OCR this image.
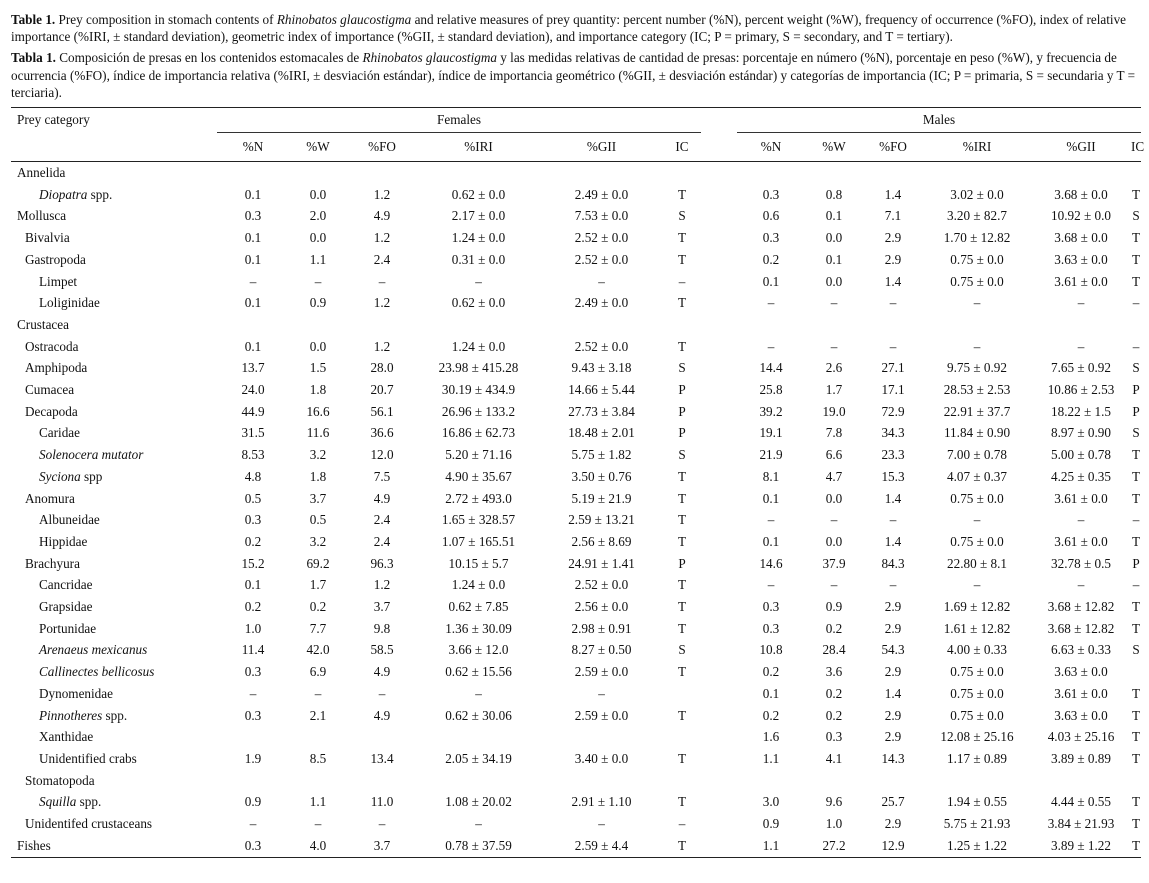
Table 1. Prey composition in stomach contents of Rhinobatos glaucostigma and relative measures of prey quantity: percent number (%N), percent weight (%W), frequency of occurrence (%FO), index of relative importance (%IRI, ± standard deviation), geometric index of importance (%GII, ± standard deviation), and importance category (IC; P = primary, S = secondary, and T = tertiary).

Tabla 1. Composición de presas en los contenidos estomacales de Rhinobatos glaucostigma y las medidas relativas de cantidad de presas: porcentaje en número (%N), porcentaje en peso (%W), y frecuencia de ocurrencia (%FO), índice de importancia relativa (%IRI, ± desviación estándar), índice de importancia geométrico (%GII, ± desviación estándar) y categorías de importancia (IC; P = primaria, S = secundaria y T = terciaria).

Prey category	Females							Males					
	%N	%W	%FO	%IRI	%GII	IC		%N	%W	%FO	%IRI	%GII	IC
Annelida													
Diopatra spp.	0.1	0.0	1.2	0.62 ± 0.0	2.49 ± 0.0	T		0.3	0.8	1.4	3.02 ± 0.0	3.68 ± 0.0	T
Mollusca	0.3	2.0	4.9	2.17 ± 0.0	7.53 ± 0.0	S		0.6	0.1	7.1	3.20 ± 82.7	10.92 ± 0.0	S
Bivalvia	0.1	0.0	1.2	1.24 ± 0.0	2.52 ± 0.0	T		0.3	0.0	2.9	1.70 ± 12.82	3.68 ± 0.0	T
Gastropoda	0.1	1.1	2.4	0.31 ± 0.0	2.52 ± 0.0	T		0.2	0.1	2.9	0.75 ± 0.0	3.63 ± 0.0	T
Limpet	–	–	–	–	–	–		0.1	0.0	1.4	0.75 ± 0.0	3.61 ± 0.0	T
Loliginidae	0.1	0.9	1.2	0.62 ± 0.0	2.49 ± 0.0	T		–	–	–	–	–	–
Crustacea													
Ostracoda	0.1	0.0	1.2	1.24 ± 0.0	2.52 ± 0.0	T		–	–	–	–	–	–
Amphipoda	13.7	1.5	28.0	23.98 ± 415.28	9.43 ± 3.18	S		14.4	2.6	27.1	9.75 ± 0.92	7.65 ± 0.92	S
Cumacea	24.0	1.8	20.7	30.19 ± 434.9	14.66 ± 5.44	P		25.8	1.7	17.1	28.53 ± 2.53	10.86 ± 2.53	P
Decapoda	44.9	16.6	56.1	26.96 ± 133.2	27.73 ± 3.84	P		39.2	19.0	72.9	22.91 ± 37.7	18.22 ± 1.5	P
Caridae	31.5	11.6	36.6	16.86 ± 62.73	18.48 ± 2.01	P		19.1	7.8	34.3	11.84 ± 0.90	8.97 ± 0.90	S
Solenocera mutator	8.53	3.2	12.0	5.20 ± 71.16	5.75 ± 1.82	S		21.9	6.6	23.3	7.00 ± 0.78	5.00 ± 0.78	T
Syciona spp	4.8	1.8	7.5	4.90 ± 35.67	3.50 ± 0.76	T		8.1	4.7	15.3	4.07 ± 0.37	4.25 ± 0.35	T
Anomura	0.5	3.7	4.9	2.72 ± 493.0	5.19 ± 21.9	T		0.1	0.0	1.4	0.75 ± 0.0	3.61 ± 0.0	T
Albuneidae	0.3	0.5	2.4	1.65 ± 328.57	2.59 ± 13.21	T		–	–	–	–	–	–
Hippidae	0.2	3.2	2.4	1.07 ± 165.51	2.56 ± 8.69	T		0.1	0.0	1.4	0.75 ± 0.0	3.61 ± 0.0	T
Brachyura	15.2	69.2	96.3	10.15 ± 5.7	24.91 ± 1.41	P		14.6	37.9	84.3	22.80 ± 8.1	32.78 ± 0.5	P
Cancridae	0.1	1.7	1.2	1.24 ± 0.0	2.52 ± 0.0	T		–	–	–	–	–	–
Grapsidae	0.2	0.2	3.7	0.62 ± 7.85	2.56 ± 0.0	T		0.3	0.9	2.9	1.69 ± 12.82	3.68 ± 12.82	T
Portunidae	1.0	7.7	9.8	1.36 ± 30.09	2.98 ± 0.91	T		0.3	0.2	2.9	1.61 ± 12.82	3.68 ± 12.82	T
Arenaeus mexicanus	11.4	42.0	58.5	3.66 ± 12.0	8.27 ± 0.50	S		10.8	28.4	54.3	4.00 ± 0.33	6.63 ± 0.33	S
Callinectes bellicosus	0.3	6.9	4.9	0.62 ± 15.56	2.59 ± 0.0	T		0.2	3.6	2.9	0.75 ± 0.0	3.63 ± 0.0	
Dynomenidae	–	–	–	–	–			0.1	0.2	1.4	0.75 ± 0.0	3.61 ± 0.0	T
Pinnotheres spp.	0.3	2.1	4.9	0.62 ± 30.06	2.59 ± 0.0	T		0.2	0.2	2.9	0.75 ± 0.0	3.63 ± 0.0	T
Xanthidae								1.6	0.3	2.9	12.08 ± 25.16	4.03 ± 25.16	T
Unidentified crabs	1.9	8.5	13.4	2.05 ± 34.19	3.40 ± 0.0	T		1.1	4.1	14.3	1.17 ± 0.89	3.89 ± 0.89	T
Stomatopoda													
Squilla spp.	0.9	1.1	11.0	1.08 ± 20.02	2.91 ± 1.10	T		3.0	9.6	25.7	1.94 ± 0.55	4.44 ± 0.55	T
Unidentifed crustaceans	–	–	–	–	–	–		0.9	1.0	2.9	5.75 ± 21.93	3.84 ± 21.93	T
Fishes	0.3	4.0	3.7	0.78 ± 37.59	2.59 ± 4.4	T		1.1	27.2	12.9	1.25 ± 1.22	3.89 ± 1.22	T
